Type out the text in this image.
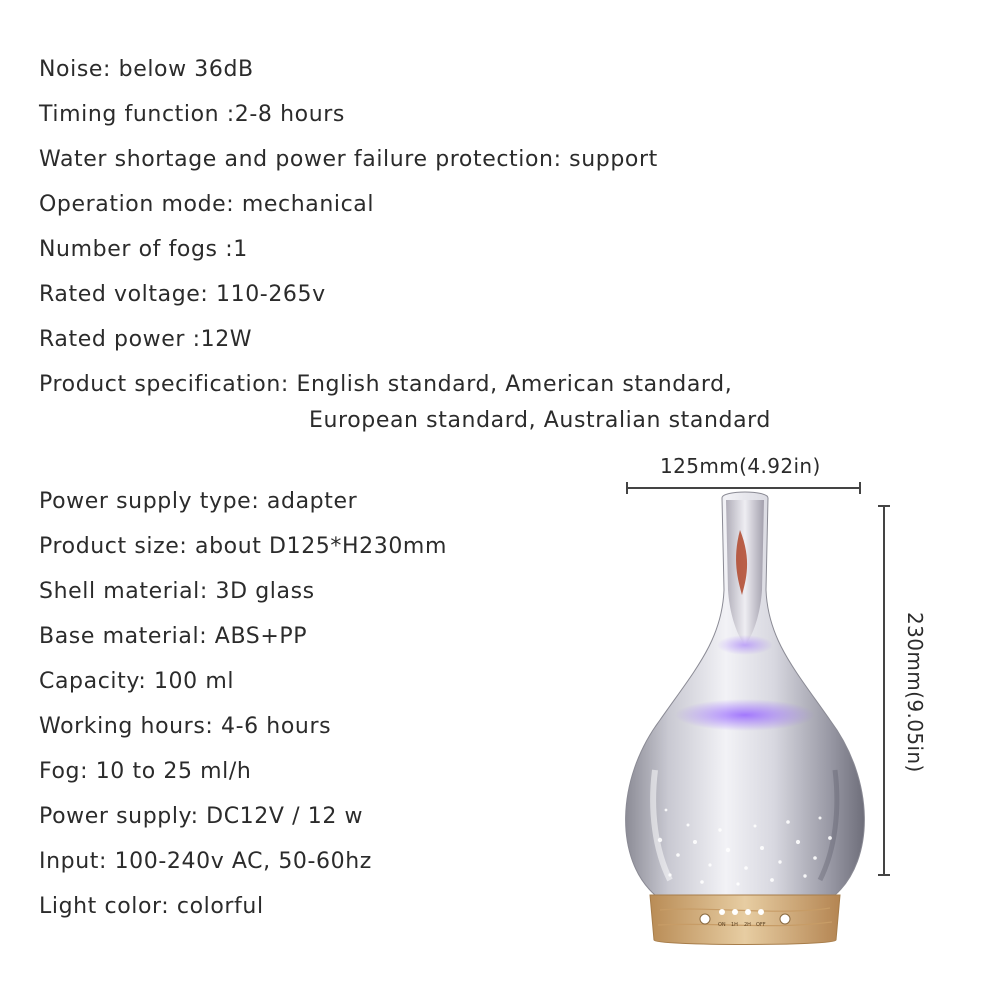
Noise: below 36dB
Timing function :2-8 hours
Water shortage and power failure protection: support
Operation mode: mechanical
Number of fogs :1
Rated voltage: 110-265v
Rated power :12W
Product specification: English standard, American standard,
European standard, Australian standard
Power supply type: adapter
Product size: about D125*H230mm
Shell material: 3D glass
Base material: ABS+PP
Capacity: 100 ml
Working hours: 4-6 hours
Fog: 10 to 25 ml/h
Power supply: DC12V / 12 w
Input: 100-240v AC, 50-60hz
Light color: colorful
125mm(4.92in)
230mm(9.05in)
ON 1H 2H OFF
